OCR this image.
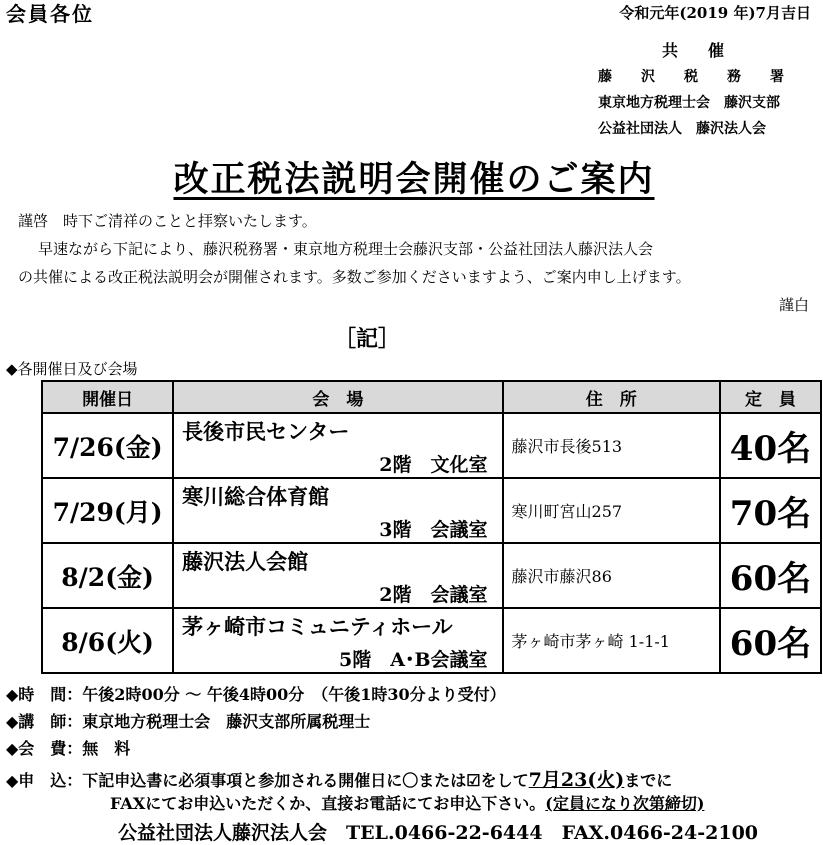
会員各位	令和元年(2019 年)7月吉日
共催
藤沢税務署
東京地方税理士会　藤沢支部
公益社団法人　藤沢法人会
改正税法説明会開催のご案内
謹啓　時下ご清祥のことと拝察いたします。
早速ながら下記により、藤沢税務署・東京地方税理士会藤沢支部・公益社団法人藤沢法人会
の共催による改正税法説明会が開催されます。多数ご参加くださいますよう、ご案内申し上げます。
謹白
［記］
◆各開催日及び会場
開催日	会　場	住　所	定　員
7/26(金)	長後市民センター
2階　文化室	藤沢市長後513	40名
7/29(月)	寒川総合体育館
3階　会議室	寒川町宮山257	70名
8/2(金)	藤沢法人会館
2階　会議室	藤沢市藤沢86	60名
8/6(火)	茅ヶ崎市コミュニティホール
5階　A･B会議室	茅ヶ崎市茅ヶ崎 1-1-1	60名
◆時　間：午後2時00分 ～ 午後4時00分　（午後1時30分より受付）
◆講　師：東京地方税理士会　藤沢支部所属税理士
◆会　費：無　料
◆申　込：下記申込書に必須事項と参加される開催日に〇または☑をして7月23(火)までに
FAXにてお申込いただくか、直接お電話にてお申込下さい。(定員になり次第締切)
公益社団法人藤沢法人会　TEL.0466-22-6444　FAX.0466-24-2100
